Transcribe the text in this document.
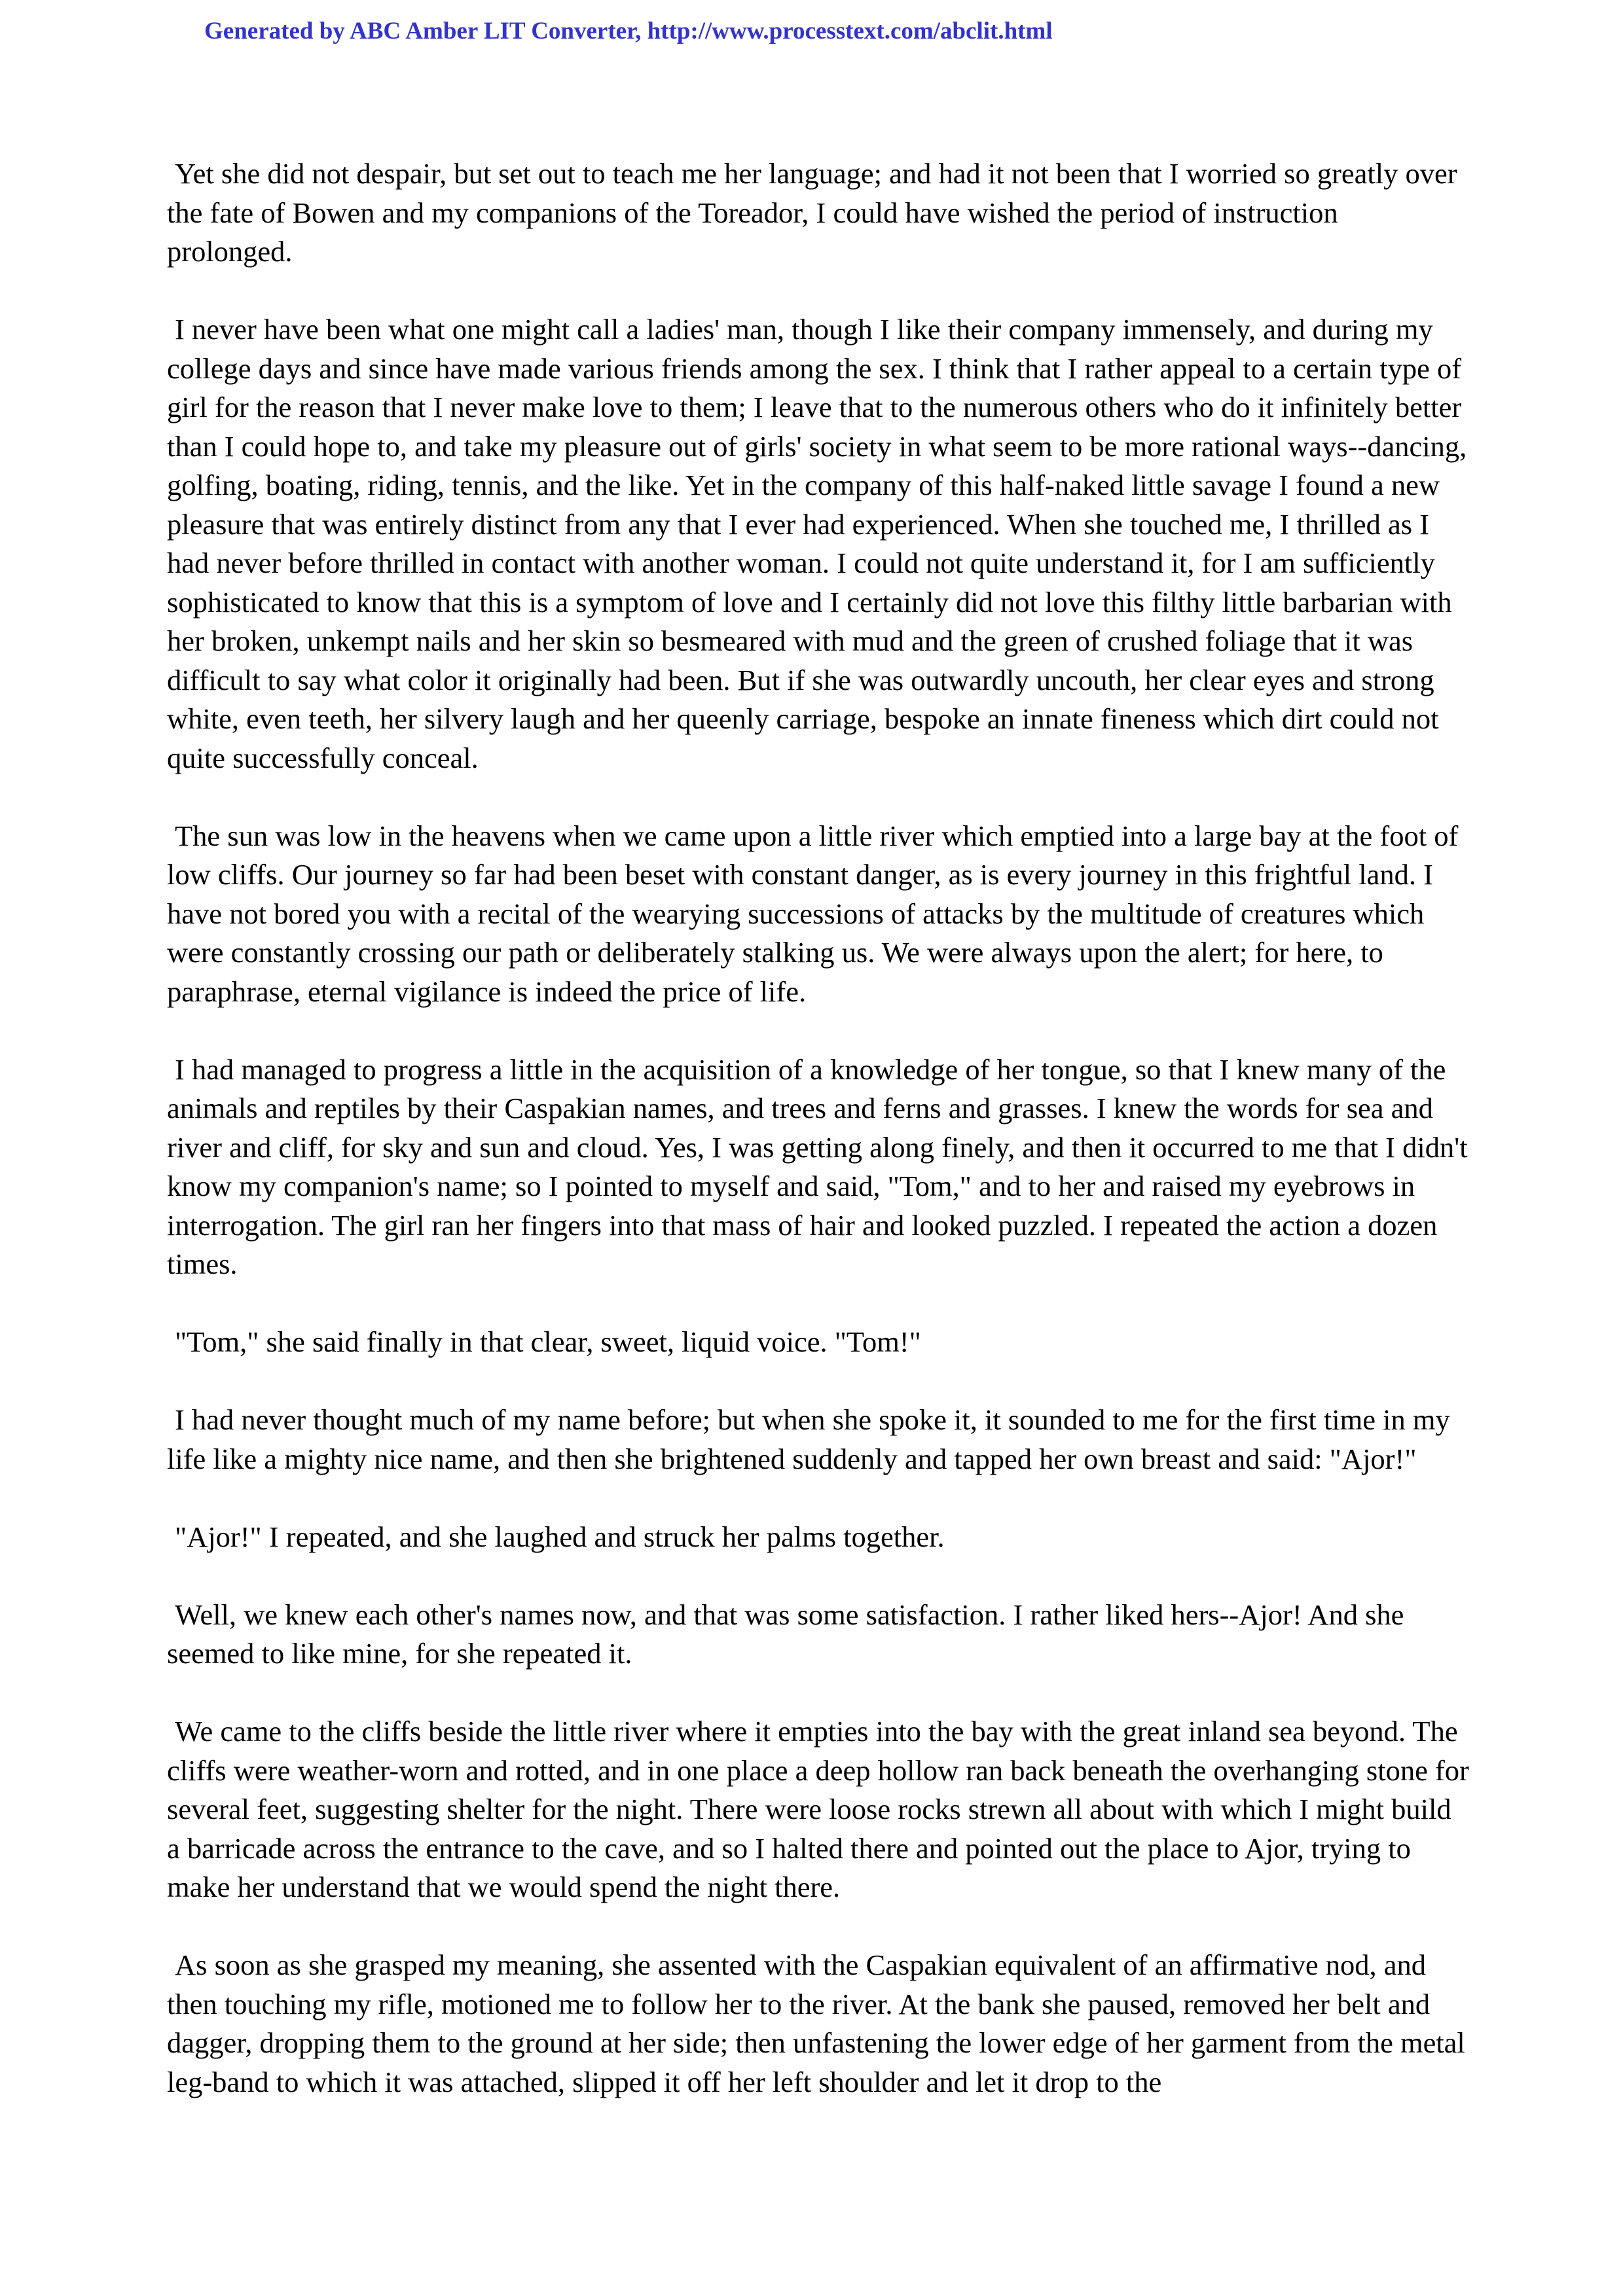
Generated by ABC Amber LIT Converter, http://www.processtext.com/abclit.html

Yet she did not despair, but set out to teach me her language; and had it not been that I worried so greatly over the fate of Bowen and my companions of the Toreador, I could have wished the period of instruction prolonged.

I never have been what one might call a ladies' man, though I like their company immensely, and during my college days and since have made various friends among the sex. I think that I rather appeal to a certain type of girl for the reason that I never make love to them; I leave that to the numerous others who do it infinitely better than I could hope to, and take my pleasure out of girls' society in what seem to be more rational ways--dancing, golfing, boating, riding, tennis, and the like. Yet in the company of this half-naked little savage I found a new pleasure that was entirely distinct from any that I ever had experienced. When she touched me, I thrilled as I had never before thrilled in contact with another woman. I could not quite understand it, for I am sufficiently sophisticated to know that this is a symptom of love and I certainly did not love this filthy little barbarian with her broken, unkempt nails and her skin so besmeared with mud and the green of crushed foliage that it was difficult to say what color it originally had been. But if she was outwardly uncouth, her clear eyes and strong white, even teeth, her silvery laugh and her queenly carriage, bespoke an innate fineness which dirt could not quite successfully conceal.

The sun was low in the heavens when we came upon a little river which emptied into a large bay at the foot of low cliffs. Our journey so far had been beset with constant danger, as is every journey in this frightful land. I have not bored you with a recital of the wearying successions of attacks by the multitude of creatures which were constantly crossing our path or deliberately stalking us. We were always upon the alert; for here, to paraphrase, eternal vigilance is indeed the price of life.

I had managed to progress a little in the acquisition of a knowledge of her tongue, so that I knew many of the animals and reptiles by their Caspakian names, and trees and ferns and grasses. I knew the words for sea and river and cliff, for sky and sun and cloud. Yes, I was getting along finely, and then it occurred to me that I didn't know my companion's name; so I pointed to myself and said, "Tom," and to her and raised my eyebrows in interrogation. The girl ran her fingers into that mass of hair and looked puzzled. I repeated the action a dozen times.

"Tom," she said finally in that clear, sweet, liquid voice. "Tom!"

I had never thought much of my name before; but when she spoke it, it sounded to me for the first time in my life like a mighty nice name, and then she brightened suddenly and tapped her own breast and said: "Ajor!"

"Ajor!" I repeated, and she laughed and struck her palms together.

Well, we knew each other's names now, and that was some satisfaction. I rather liked hers--Ajor! And she seemed to like mine, for she repeated it.

We came to the cliffs beside the little river where it empties into the bay with the great inland sea beyond. The cliffs were weather-worn and rotted, and in one place a deep hollow ran back beneath the overhanging stone for several feet, suggesting shelter for the night. There were loose rocks strewn all about with which I might build a barricade across the entrance to the cave, and so I halted there and pointed out the place to Ajor, trying to make her understand that we would spend the night there.

As soon as she grasped my meaning, she assented with the Caspakian equivalent of an affirmative nod, and then touching my rifle, motioned me to follow her to the river. At the bank she paused, removed her belt and dagger, dropping them to the ground at her side; then unfastening the lower edge of her garment from the metal leg-band to which it was attached, slipped it off her left shoulder and let it drop to the
